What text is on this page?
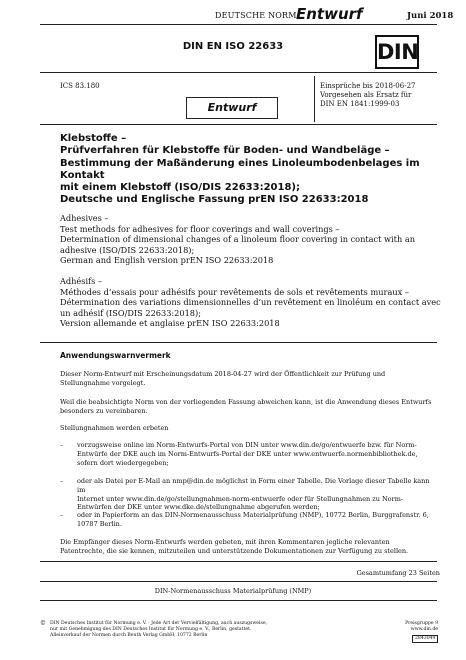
DEUTSCHE NORM Entwurf	Juni 2018
DIN EN ISO 22633	DIN
ICS 83.180	Einsprüche bis 2018-06-27
Vorgesehen als Ersatz für
DIN EN 1841:1999-03
Entwurf
Klebstoffe –
Prüfverfahren für Klebstoffe für Boden- und Wandbeläge –
Bestimmung der Maßänderung eines Linoleumbodenbelages im Kontakt
mit einem Klebstoff (ISO/DIS 22633:2018);
Deutsche und Englische Fassung prEN ISO 22633:2018
Adhesives –
Test methods for adhesives for floor coverings and wall coverings –
Determination of dimensional changes of a linoleum floor covering in contact with an
adhesive (ISO/DIS 22633:2018);
German and English version prEN ISO 22633:2018
Adhésifs –
Méthodes d’essais pour adhésifs pour revêtements de sols et revêtements muraux –
Détermination des variations dimensionnelles d’un revêtement en linoléum en contact avec
un adhésif (ISO/DIS 22633:2018);
Version allemande et anglaise prEN ISO 22633:2018
Anwendungswarnvermerk
Dieser Norm-Entwurf mit Erscheinungsdatum 2018-04-27 wird der Öffentlichkeit zur Prüfung und
Stellungnahme vorgelegt.
Weil die beabsichtigte Norm von der vorliegenden Fassung abweichen kann, ist die Anwendung dieses Entwurfs
besonders zu vereinbaren.
Stellungnahmen werden erbeten
– vorzugsweise online im Norm-Entwurfs-Portal von DIN unter www.din.de/go/entwuerfe bzw. für Norm-
Entwürfe der DKE auch im Norm-Entwurfs-Portal der DKE unter www.entwuerfe.normenbibliothek.de,
sofern dort wiedergegeben;
– oder als Datei per E-Mail an nmp@din.de möglichst in Form einer Tabelle. Die Vorlage dieser Tabelle kann im
Internet unter www.din.de/go/stellungnahmen-norm-entwuerfe oder für Stellungnahmen zu Norm-
Entwürfen der DKE unter www.dke.de/stellungnahme abgerufen werden;
– oder in Papierform an das DIN-Normenausschuss Materialprüfung (NMP), 10772 Berlin, Burggrafenstr. 6,
10787 Berlin.
Die Empfänger dieses Norm-Entwurfs werden gebeten, mit ihren Kommentaren jegliche relevanten
Patentrechte, die sie kennen, mitzuteilen und unterstützende Dokumentationen zur Verfügung zu stellen.
Gesamtumfang 23 Seiten
DIN-Normenausschuss Materialprüfung (NMP)
© DIN Deutsches Institut für Normung e. V. · Jede Art der Vervielfältigung, auch auszugsweise,
nur mit Genehmigung des DIN Deutsches Institut für Normung e. V., Berlin, gestattet.
Alleinverkauf der Normen durch Beuth Verlag GmbH, 10772 Berlin
Preisgruppe 9
www.din.de
2843049
